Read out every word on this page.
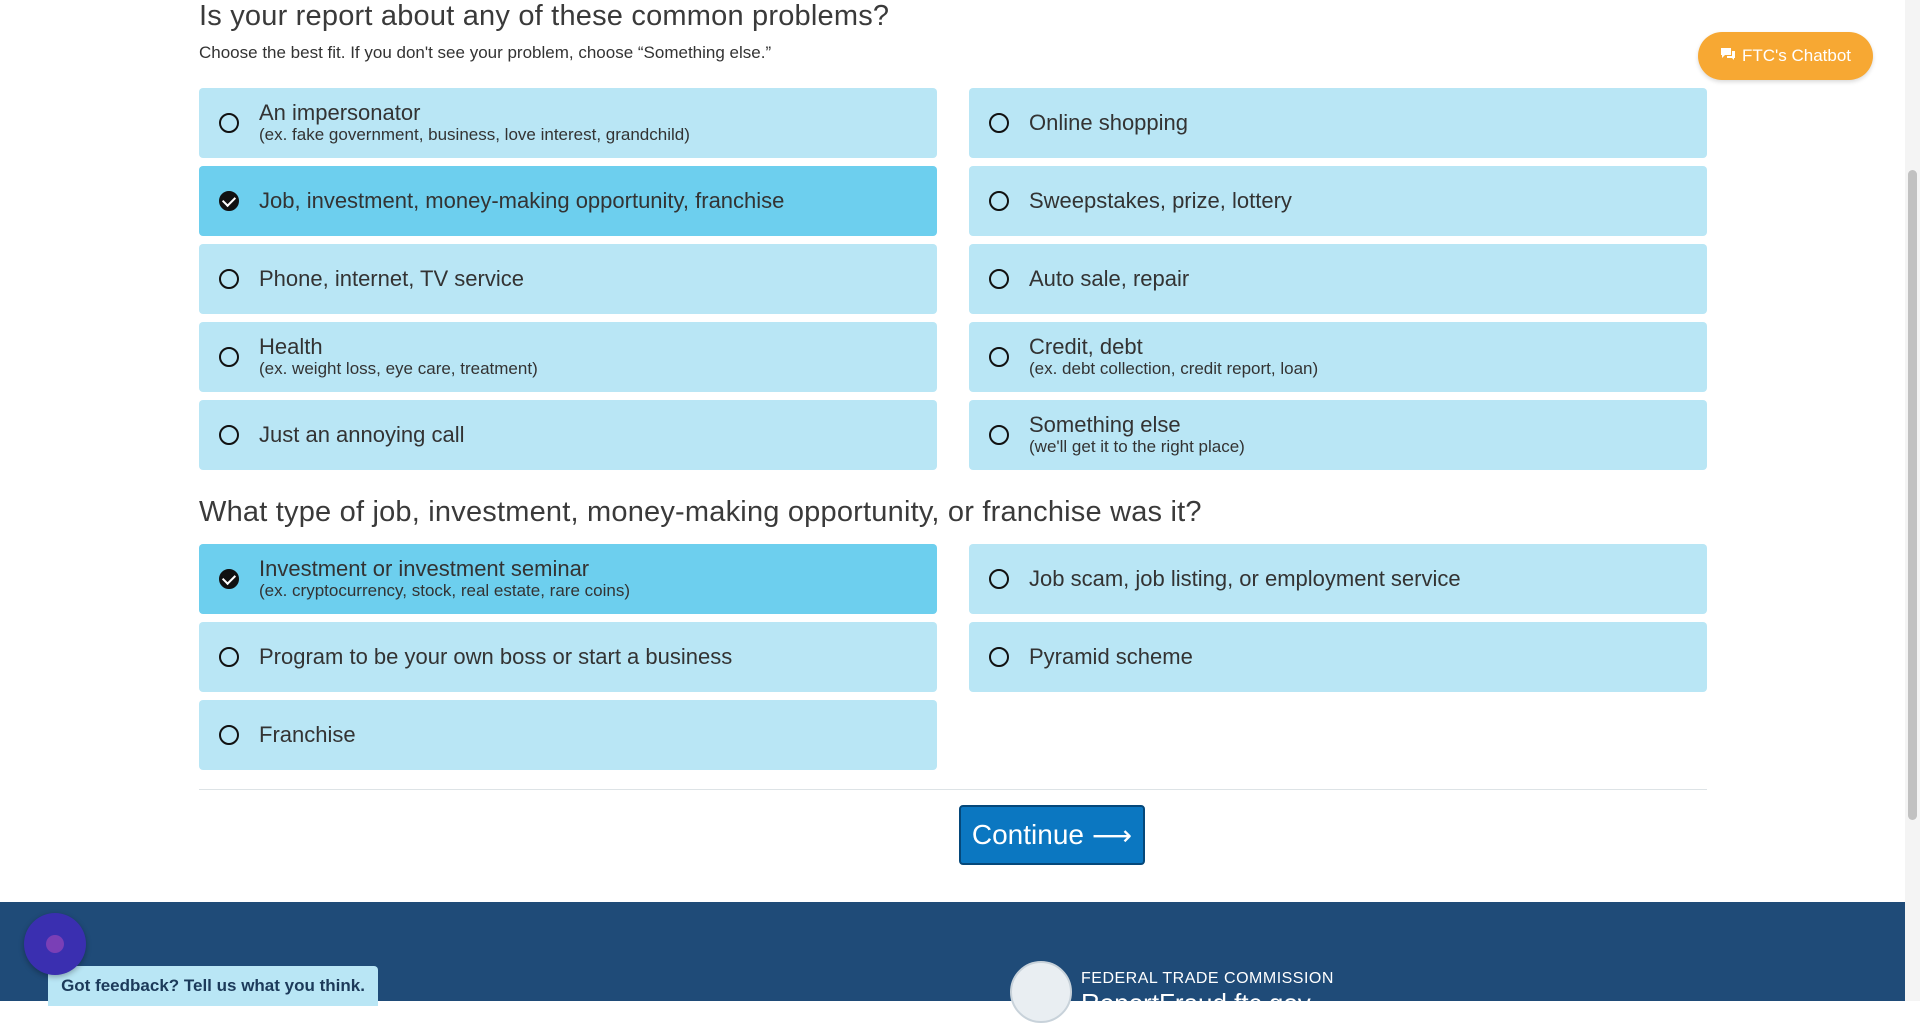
Is your report about any of these common problems?
Choose the best fit. If you don't see your problem, choose “Something else.”
An impersonator
(ex. fake government, business, love interest, grandchild)	Online shopping
Job, investment, money-making opportunity, franchise	Sweepstakes, prize, lottery
Phone, internet, TV service	Auto sale, repair
Health
(ex. weight loss, eye care, treatment)
Credit, debt
(ex. debt collection, credit report, loan)
Just an annoying call	Something else
(we'll get it to the right place)
What type of job, investment, money-making opportunity, or franchise was it?
Investment or investment seminar
(ex. cryptocurrency, stock, real estate, rare coins)	Job scam, job listing, or employment service
Program to be your own boss or start a business	Pyramid scheme
Franchise
Continue ⟶
FTC's Chatbot
FEDERAL TRADE COMMISSION
ReportFraud.ftc.gov
Got feedback? Tell us what you think.
